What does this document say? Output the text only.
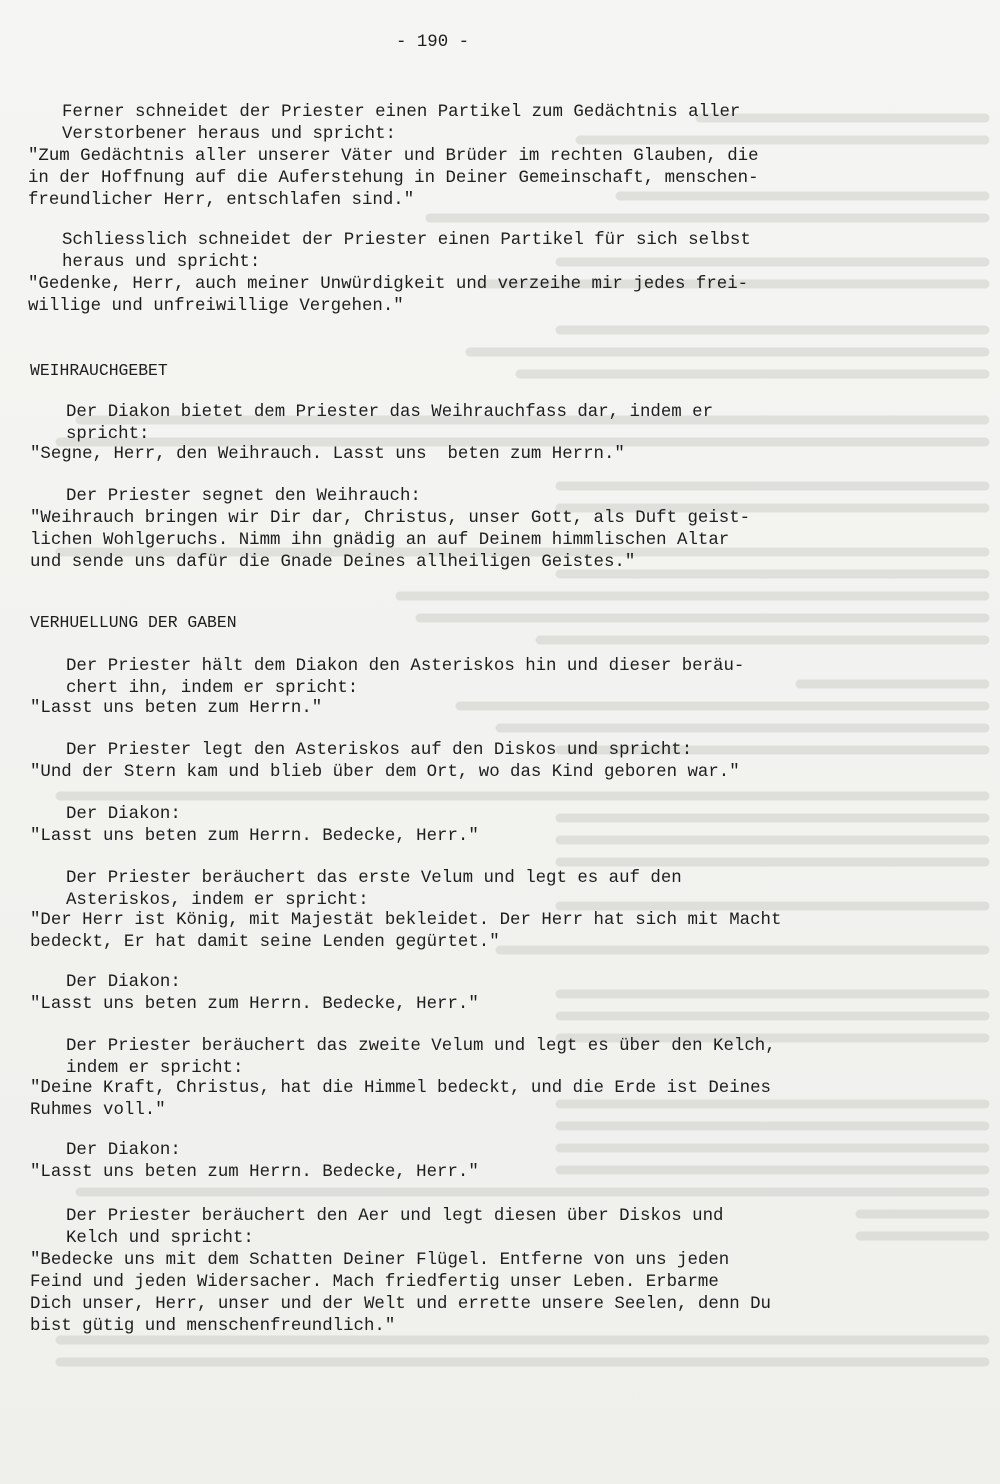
- 190 -
Ferner schneidet der Priester einen Partikel zum Gedächtnis aller
Verstorbener heraus und spricht:
"Zum Gedächtnis aller unserer Väter und Brüder im rechten Glauben, die
in der Hoffnung auf die Auferstehung in Deiner Gemeinschaft, menschen-
freundlicher Herr, entschlafen sind."
Schliesslich schneidet der Priester einen Partikel für sich selbst
heraus und spricht:
"Gedenke, Herr, auch meiner Unwürdigkeit und verzeihe mir jedes frei-
willige und unfreiwillige Vergehen."
WEIHRAUCHGEBET
Der Diakon bietet dem Priester das Weihrauchfass dar, indem er
spricht:
"Segne, Herr, den Weihrauch. Lasst uns  beten zum Herrn."
Der Priester segnet den Weihrauch:
"Weihrauch bringen wir Dir dar, Christus, unser Gott, als Duft geist-
lichen Wohlgeruchs. Nimm ihn gnädig an auf Deinem himmlischen Altar
und sende uns dafür die Gnade Deines allheiligen Geistes."
VERHUELLUNG DER GABEN
Der Priester hält dem Diakon den Asteriskos hin und dieser beräu-
chert ihn, indem er spricht:
"Lasst uns beten zum Herrn."
Der Priester legt den Asteriskos auf den Diskos und spricht:
"Und der Stern kam und blieb über dem Ort, wo das Kind geboren war."
Der Diakon:
"Lasst uns beten zum Herrn. Bedecke, Herr."
Der Priester beräuchert das erste Velum und legt es auf den
Asteriskos, indem er spricht:
"Der Herr ist König, mit Majestät bekleidet. Der Herr hat sich mit Macht
bedeckt, Er hat damit seine Lenden gegürtet."
Der Diakon:
"Lasst uns beten zum Herrn. Bedecke, Herr."
Der Priester beräuchert das zweite Velum und legt es über den Kelch,
indem er spricht:
"Deine Kraft, Christus, hat die Himmel bedeckt, und die Erde ist Deines
Ruhmes voll."
Der Diakon:
"Lasst uns beten zum Herrn. Bedecke, Herr."
Der Priester beräuchert den Aer und legt diesen über Diskos und
Kelch und spricht:
"Bedecke uns mit dem Schatten Deiner Flügel. Entferne von uns jeden
Feind und jeden Widersacher. Mach friedfertig unser Leben. Erbarme
Dich unser, Herr, unser und der Welt und errette unsere Seelen, denn Du
bist gütig und menschenfreundlich."
